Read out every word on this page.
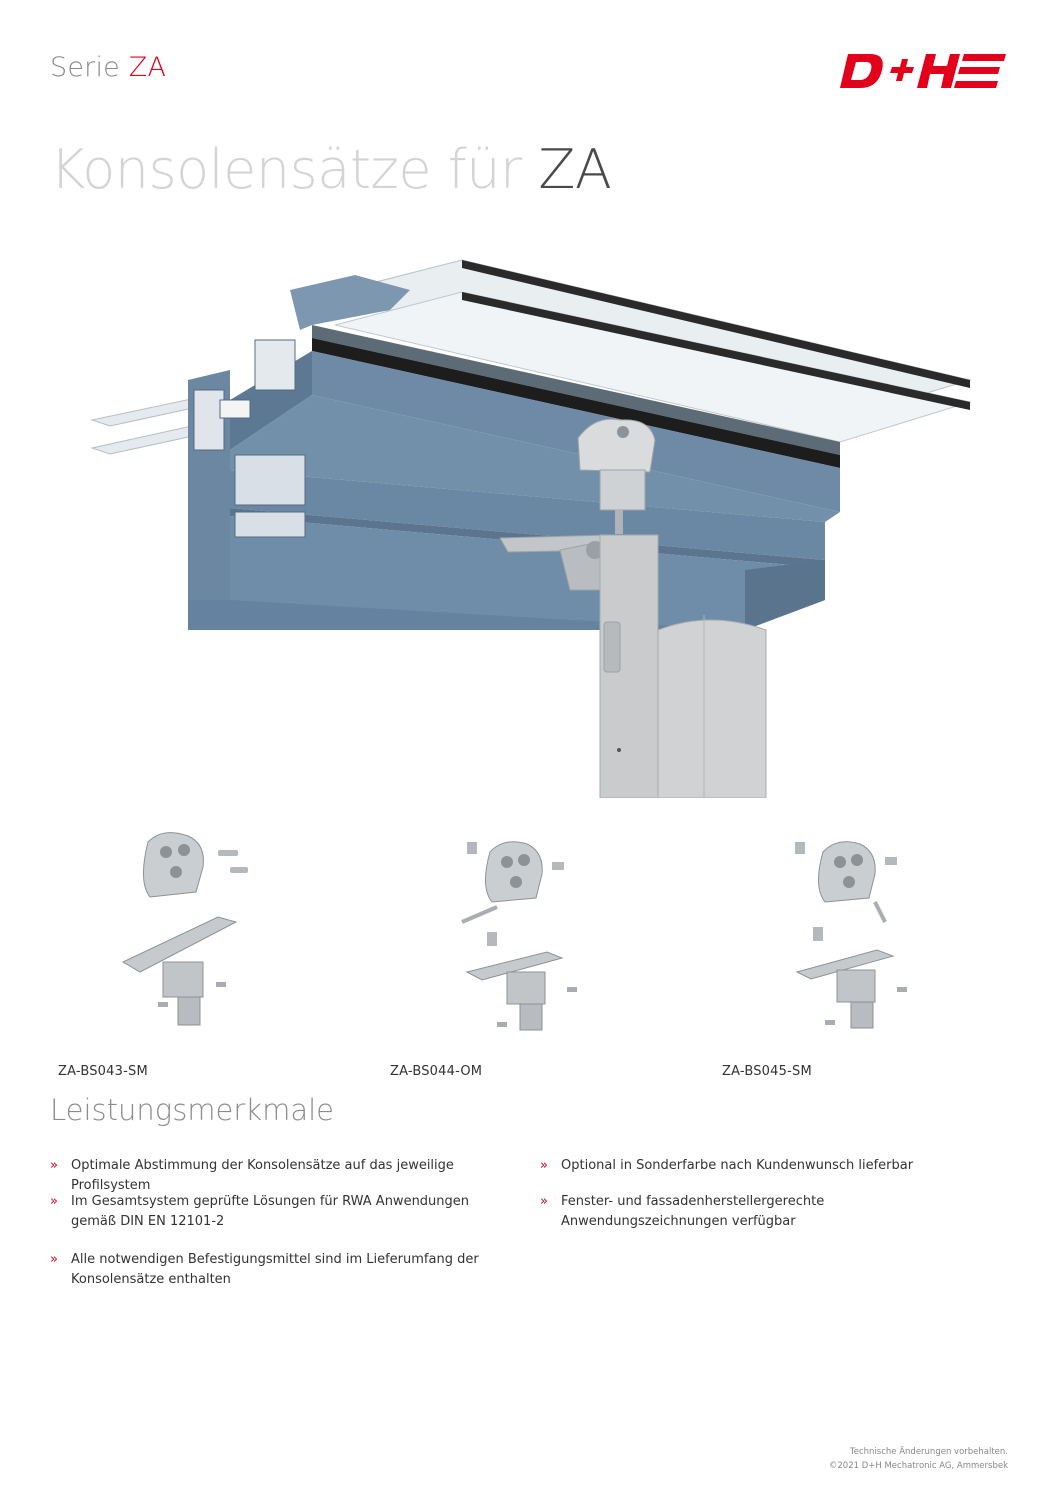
Serie ZA
Konsolensätze für ZA
ZA-BS043-SM	ZA-BS044-OM	ZA-BS045-SM
Leistungsmerkmale
» Optimale Abstimmung der Konsolensätze auf das jeweilige Profilsystem
» Im Gesamtsystem geprüfte Lösungen für RWA Anwendungen gemäß DIN EN 12101-2
» Alle notwendigen Befestigungsmittel sind im Lieferumfang der Konsolensätze enthalten
» Optional in Sonderfarbe nach Kundenwunsch lieferbar
» Fenster- und fassadenherstellergerechte Anwendungszeichnungen verfügbar
Technische Änderungen vorbehalten.
©2021 D+H Mechatronic AG, Ammersbek
